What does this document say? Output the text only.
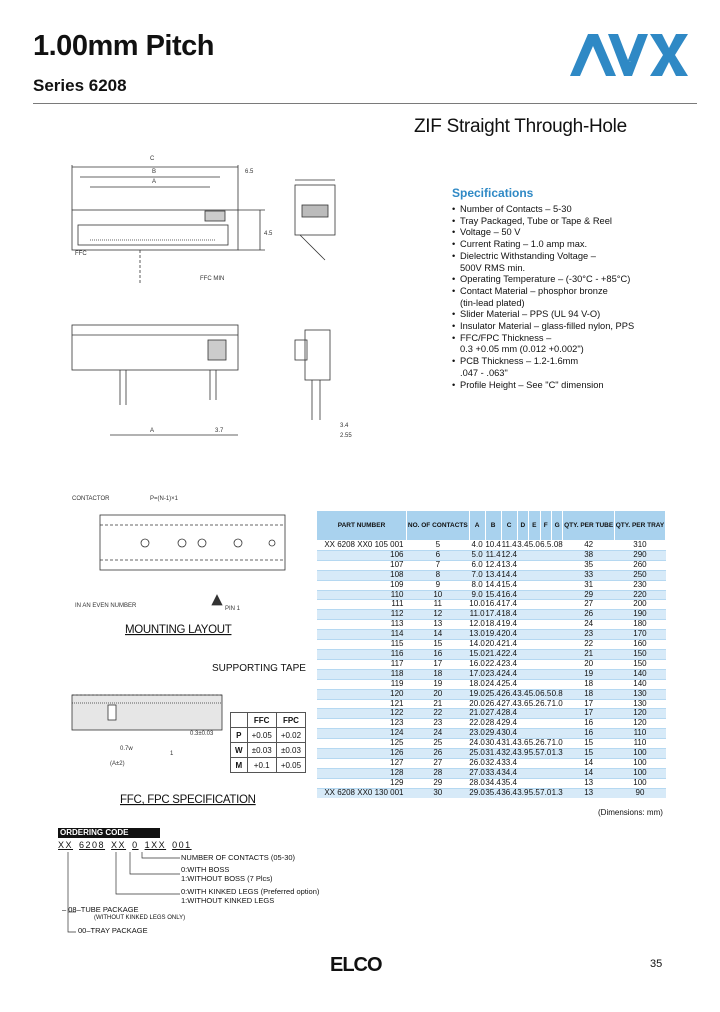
1.00mm Pitch
Series 6208
AVX
ZIF Straight Through-Hole
Specifications
• Number of Contacts – 5-30
• Tray Packaged, Tube or Tape & Reel
• Voltage – 50 V
• Current Rating – 1.0 amp max.
• Dielectric Withstanding Voltage –
500V RMS min.
• Operating Temperature – (-30°C - +85°C)
• Contact Material – phosphor bronze
(tin-lead plated)
• Slider Material – PPS (UL 94 V-O)
• Insulator Material – glass-filled nylon, PPS
• FFC/FPC Thickness –
0.3 +0.05 mm (0.012 +0.002")
• PCB Thickness – 1.2-1.6mm
.047 - .063"
• Profile Height – See "C" dimension
C
B
A
6.5
4.5
FFC
FFC MIN
A	3.7
3.4
2.55
CONTACTOR	P=(N-1)×1
IN AN EVEN NUMBER	PIN 1
MOUNTING LAYOUT
SUPPORTING TAPE
0.7w
0.3±0.03
1
(A±2)
FFC, FPC SPECIFICATION
	FFC	FPC
P	+0.05	+0.02
W	±0.03	±0.03
M	+0.1	+0.05
PART NUMBER	NO. OF CONTACTS	A	B	C	D	E	F	G	QTY. PER TUBE	QTY. PER TRAY
XX 6208 XX0 105 001	5	4.0	10.4	11.4	3.4	5.0	6.5	.08	42	310
106	6	5.0	11.4	12.4					38	290
107	7	6.0	12.4	13.4					35	260
108	8	7.0	13.4	14.4					33	250
109	9	8.0	14.4	15.4					31	230
110	10	9.0	15.4	16.4					29	220
111	11	10.0	16.4	17.4					27	200
112	12	11.0	17.4	18.4					26	190
113	13	12.0	18.4	19.4					24	180
114	14	13.0	19.4	20.4					23	170
115	15	14.0	20.4	21.4					22	160
116	16	15.0	21.4	22.4					21	150
117	17	16.0	22.4	23.4					20	150
118	18	17.0	23.4	24.4					19	140
119	19	18.0	24.4	25.4					18	140
120	20	19.0	25.4	26.4	3.4	5.0	6.5	0.8	18	130
121	21	20.0	26.4	27.4	3.6	5.2	6.7	1.0	17	130
122	22	21.0	27.4	28.4					17	120
123	23	22.0	28.4	29.4					16	120
124	24	23.0	29.4	30.4					16	110
125	25	24.0	30.4	31.4	3.6	5.2	6.7	1.0	15	110
126	26	25.0	31.4	32.4	3.9	5.5	7.0	1.3	15	100
127	27	26.0	32.4	33.4					14	100
128	28	27.0	33.4	34.4					14	100
129	29	28.0	34.4	35.4					13	100
XX 6208 XX0 130 001	30	29.0	35.4	36.4	3.9	5.5	7.0	1.3	13	90
(Dimensions: mm)
ORDERING CODE
XX 6208 XX 0 1XX 001
NUMBER OF CONTACTS (05-30)
0:WITH BOSS
1:WITHOUT BOSS (7 Plcs)
0:WITH KINKED LEGS (Preferred option)
1:WITHOUT KINKED LEGS
– 08–TUBE PACKAGE
(WITHOUT KINKED LEGS ONLY)
00–TRAY PACKAGE
ELCO	35
